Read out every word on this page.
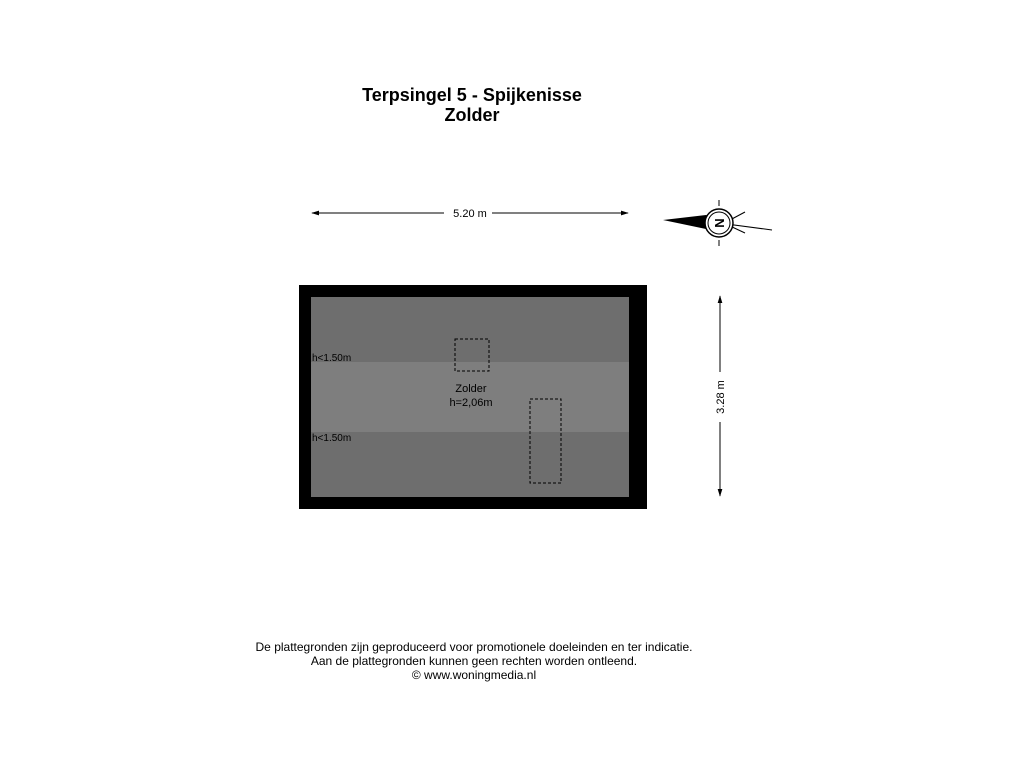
Terpsingel 5 - Spijkenisse
Zolder
5.20 m
3.28 m
N
h<1.50m
h<1.50m
Zolder
h=2,06m
De plattegronden zijn geproduceerd voor promotionele doeleinden en ter indicatie.
Aan de plattegronden kunnen geen rechten worden ontleend.
© www.woningmedia.nl
